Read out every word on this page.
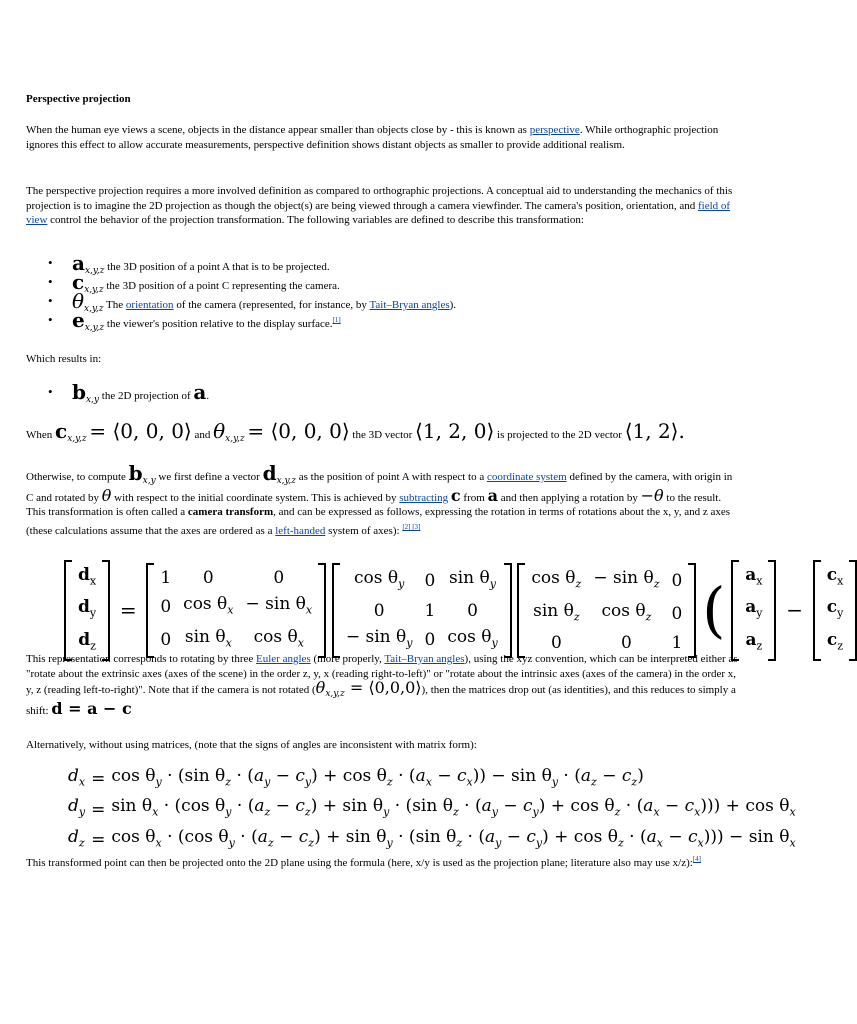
Perspective projection

When the human eye views a scene, objects in the distance appear smaller than objects close by - this is known as perspective. While orthographic projection ignores this effect to allow accurate measurements, perspective definition shows distant objects as smaller to provide additional realism.

The perspective projection requires a more involved definition as compared to orthographic projections. A conceptual aid to understanding the mechanics of this projection is to imagine the 2D projection as though the object(s) are being viewed through a camera viewfinder. The camera's position, orientation, and field of view control the behavior of the projection transformation. The following variables are defined to describe this transformation:

• $a_{x,y,z}$ the 3D position of a point A that is to be projected.
• $c_{x,y,z}$ the 3D position of a point C representing the camera.
• $\theta_{x,y,z}$ The orientation of the camera (represented, for instance, by Tait–Bryan angles).
• $e_{x,y,z}$ the viewer's position relative to the display surface.[1]

Which results in:

• $b_{x,y}$ the 2D projection of a.

When $c_{x,y,z}$ = ⟨0, 0, 0⟩ and $\theta_{x,y,z}$ = ⟨0, 0, 0⟩ the 3D vector ⟨1, 2, 0⟩ is projected to the 2D vector ⟨1, 2⟩.

Otherwise, to compute $b_{x,y}$ we first define a vector $d_{x,y,z}$ as the position of point A with respect to a coordinate system defined by the camera, with origin in C and rotated by θ with respect to the initial coordinate system. This is achieved by subtracting c from a and then applying a rotation by −θ to the result. This transformation is often called a camera transform, and can be expressed as follows, expressing the rotation in terms of rotations about the x, y, and z axes (these calculations assume that the axes are ordered as a left-handed system of axes): [2] [3]

$d_x$
$d_y$
$d_z$
=
1	0	0
0	$\cos \theta_x$	− $\sin \theta_x$
0	$\sin \theta_x$	$\cos \theta_x$

$\cos \theta_y$	0	$\sin \theta_y$
0	1	0
− $\sin \theta_y$	0	$\cos \theta_y$

$\cos \theta_z$	− $\sin \theta_z$	0
$\sin \theta_z$	$\cos \theta_z$	0
0	0	1 (
$a_x$
$a_y$
$a_z$
−
$c_x$
$c_y$
$c_z$

This representation corresponds to rotating by three Euler angles (more properly, Tait–Bryan angles), using the xyz convention, which can be interpreted either as "rotate about the extrinsic axes (axes of the scene) in the order z, y, x (reading right-to-left)" or "rotate about the intrinsic axes (axes of the camera) in the order x, y, z (reading left-to-right)". Note that if the camera is not rotated ($\theta_{x,y,z}$ = ⟨0,0,0⟩), then the matrices drop out (as identities), and this reduces to simply a shift: d = a − c

Alternatively, without using matrices, (note that the signs of angles are inconsistent with matrix form):

$d_x$	=	$\cos \theta_y \cdot (\sin$ $\theta_z \cdot (a_y - c_y) + \cos \theta_z \cdot (a_x - c_x)) - \sin \theta_y \cdot (a_z - c_z)$
$d_y$	=	$\sin \theta_x \cdot (\cos$ $\theta_y \cdot (a_z - c_z) + \sin \theta_y \cdot (\sin$ $\theta_z \cdot (a_y - c_y) + \cos \theta_z \cdot (a_x - c_x))) + \cos \theta_x$
$d_z$	=	$\cos \theta_x \cdot (\cos$ $\theta_y \cdot (a_z - c_z) + \sin \theta_y \cdot (\sin$ $\theta_z \cdot (a_y - c_y) + \cos \theta_z \cdot (a_x - c_x))) - \sin \theta_x$

This transformed point can then be projected onto the 2D plane using the formula (here, x/y is used as the projection plane; literature also may use x/z):[4]
